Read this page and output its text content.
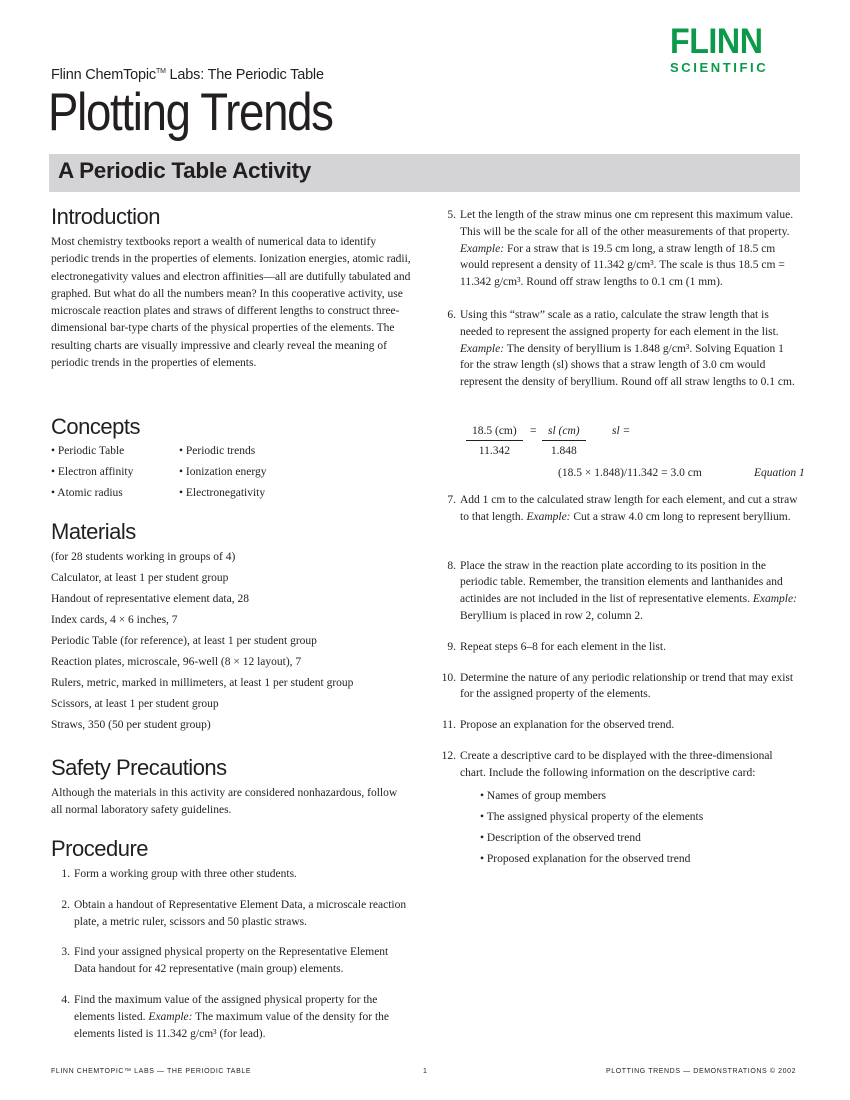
Flinn ChemTopic™ Labs: The Periodic Table
Plotting Trends
A Periodic Table Activity
FLINN
SCIENTIFIC
Introduction
Most chemistry textbooks report a wealth of numerical data to identify periodic trends in the properties of elements. Ionization energies, atomic radii, electronegativity values and electron affinities—all are dutifully tabulated and graphed. But what do all the numbers mean? In this cooperative activity, use microscale reaction plates and straws of different lengths to construct three-dimensional bar-type charts of the physical properties of the elements. The resulting charts are visually impressive and clearly reveal the meaning of periodic trends in the properties of elements.
Concepts
• Periodic Table	• Periodic trends
• Electron affinity	• Ionization energy
• Atomic radius	• Electronegativity
Materials
(for 28 students working in groups of 4)
Calculator, at least 1 per student group
Handout of representative element data, 28
Index cards, 4 × 6 inches, 7
Periodic Table (for reference), at least 1 per student group
Reaction plates, microscale, 96-well (8 × 12 layout), 7
Rulers, metric, marked in millimeters, at least 1 per student group
Scissors, at least 1 per student group
Straws, 350 (50 per student group)
Safety Precautions
Although the materials in this activity are considered nonhazardous, follow all normal laboratory safety guidelines.
Procedure
1. Form a working group with three other students.
2. Obtain a handout of Representative Element Data, a microscale reaction plate, a metric ruler, scissors and 50 plastic straws.
3. Find your assigned physical property on the Representative Element Data handout for 42 representative (main group) elements.
4. Find the maximum value of the assigned physical property for the elements listed. Example: The maximum value of the density for the elements listed is 11.342 g/cm³ (for lead).
5. Let the length of the straw minus one cm represent this maximum value. This will be the scale for all of the other measurements of that property. Example: For a straw that is 19.5 cm long, a straw length of 18.5 cm would represent a density of 11.342 g/cm³. The scale is thus 18.5 cm = 11.342 g/cm³. Round off straw lengths to 0.1 cm (1 mm).
6. Using this “straw” scale as a ratio, calculate the straw length that is needed to represent the assigned property for each element in the list. Example: The density of beryllium is 1.848 g/cm³. Solving Equation 1 for the straw length (sl) shows that a straw length of 3.0 cm would represent the density of beryllium. Round off all straw lengths to 0.1 cm.
$\frac{18.5 (cm)}{11.342} = \frac{sl (cm)}{1.848}$ sl =
(18.5 × 1.848)/11.342 = 3.0 cm	Equation 1
7. Add 1 cm to the calculated straw length for each element, and cut a straw to that length. Example: Cut a straw 4.0 cm long to represent beryllium.
8. Place the straw in the reaction plate according to its position in the periodic table. Remember, the transition elements and lanthanides and actinides are not included in the list of representative elements. Example: Beryllium is placed in row 2, column 2.
9. Repeat steps 6–8 for each element in the list.
10. Determine the nature of any periodic relationship or trend that may exist for the assigned property of the elements.
11. Propose an explanation for the observed trend.
12. Create a descriptive card to be displayed with the three-dimensional chart. Include the following information on the descriptive card:
• Names of group members
• The assigned physical property of the elements
• Description of the observed trend
• Proposed explanation for the observed trend
FLINN CHEMTOPIC™ LABS — THE PERIODIC TABLE	1	PLOTTING TRENDS — DEMONSTRATIONS © 2002
